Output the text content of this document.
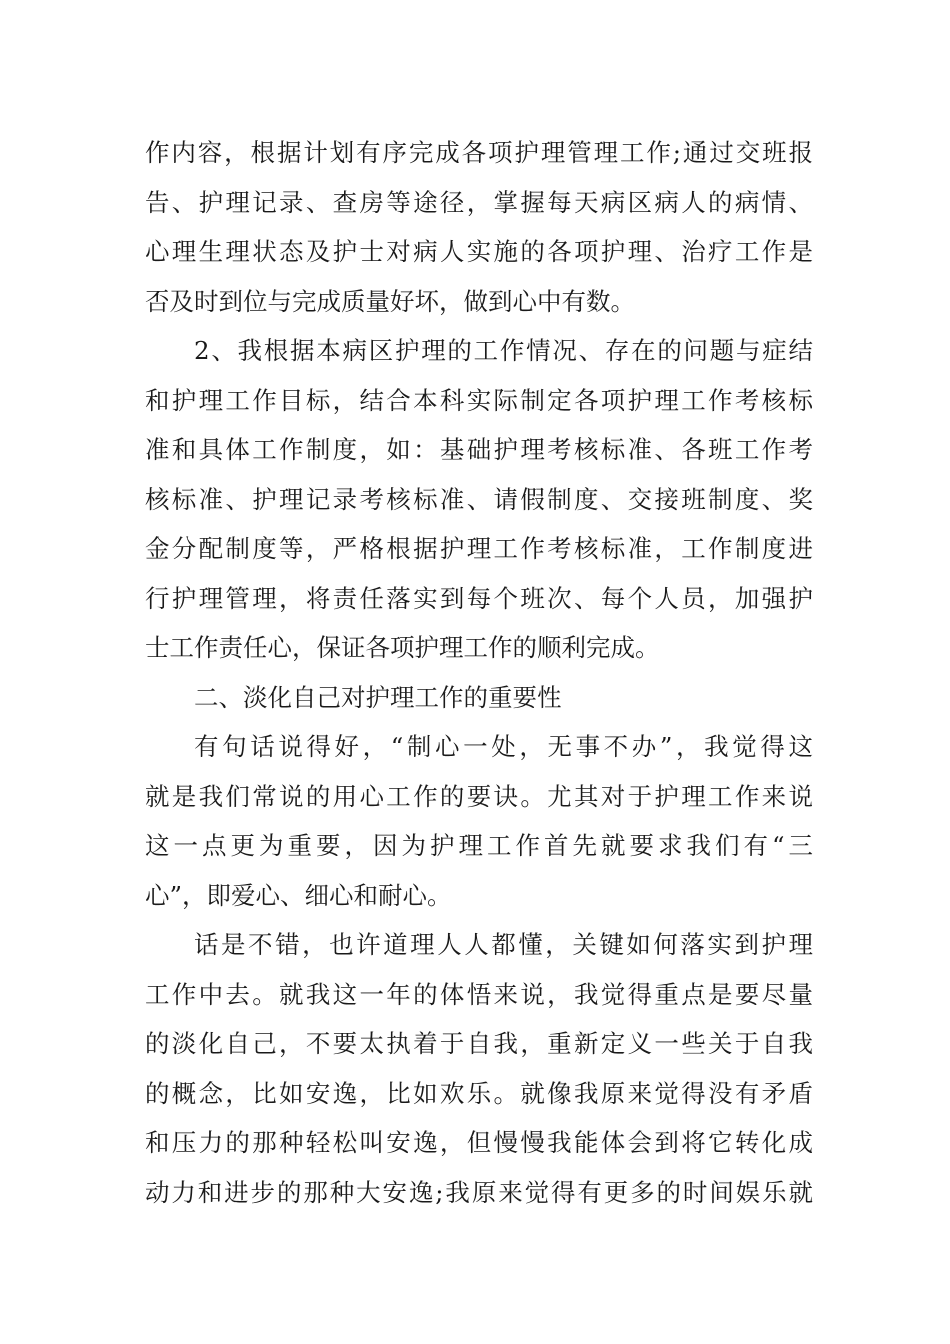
作内容，根据计划有序完成各项护理管理工作;通过交班报
告、护理记录、查房等途径，掌握每天病区病人的病情、
心理生理状态及护士对病人实施的各项护理、治疗工作是
否及时到位与完成质量好坏，做到心中有数。
2、我根据本病区护理的工作情况、存在的问题与症结
和护理工作目标，结合本科实际制定各项护理工作考核标
准和具体工作制度，如：基础护理考核标准、各班工作考
核标准、护理记录考核标准、请假制度、交接班制度、奖
金分配制度等，严格根据护理工作考核标准，工作制度进
行护理管理，将责任落实到每个班次、每个人员，加强护
士工作责任心，保证各项护理工作的顺利完成。
二、淡化自己对护理工作的重要性
有句话说得好，“制心一处，无事不办”，我觉得这
就是我们常说的用心工作的要诀。尤其对于护理工作来说
这一点更为重要，因为护理工作首先就要求我们有“三
心”，即爱心、细心和耐心。
话是不错，也许道理人人都懂，关键如何落实到护理
工作中去。就我这一年的体悟来说，我觉得重点是要尽量
的淡化自己，不要太执着于自我，重新定义一些关于自我
的概念，比如安逸，比如欢乐。就像我原来觉得没有矛盾
和压力的那种轻松叫安逸，但慢慢我能体会到将它转化成
动力和进步的那种大安逸;我原来觉得有更多的时间娱乐就
